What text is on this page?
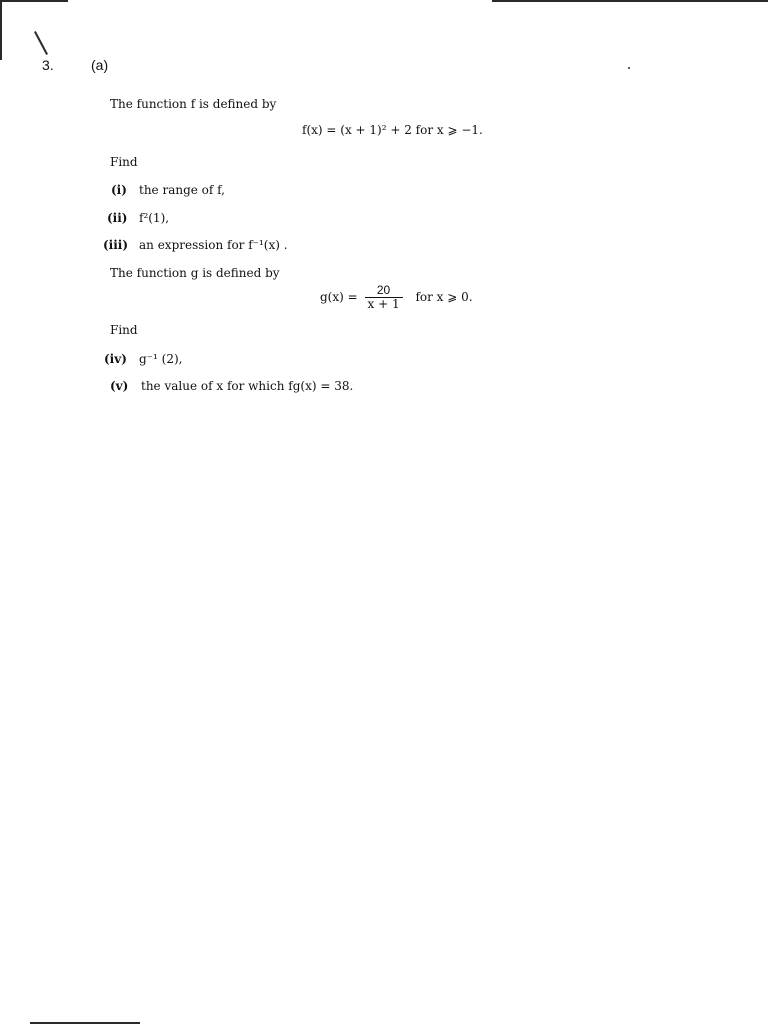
3.	(a)
The function f is defined by
f(x) = (x + 1)² + 2 for x ⩾ −1.
Find
(i) the range of f,
(ii) f²(1),
(iii) an expression for f⁻¹(x) .
The function g is defined by
$g(x) = \frac{20}{x + 1}$ for x ⩾ 0.
Find
(iv) g⁻¹ (2),
(v) the value of x for which fg(x) = 38.
